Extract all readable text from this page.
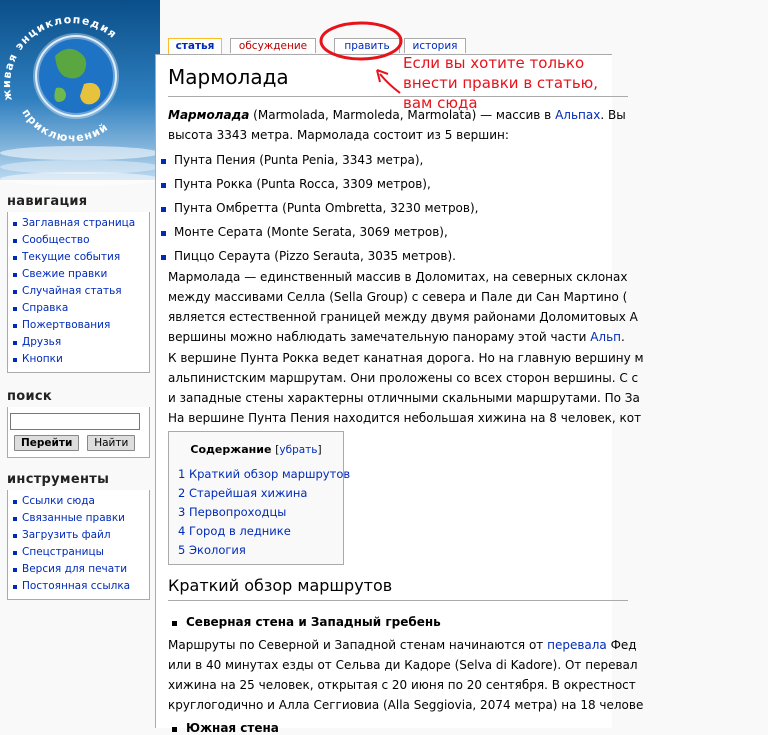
живая энциклопедия
приключений
навигация
Заглавная страница
Сообщество
Текущие события
Свежие правки
Случайная статья
Справка
Пожертвования
Друзья
Кнопки
поиск
Перейти Найти
инструменты
Ссылки сюда
Связанные правки
Загрузить файл
Спецстраницы
Версия для печати
Постоянная ссылка
статья	обсуждение	править	история
Мармолада
Мармолада (Marmolada, Marmoleda, Marmolata) — массив в Альпах. Вы
высота 3343 метра. Мармолада состоит из 5 вершин:
Пунта Пения (Punta Penia, 3343 метра),
Пунта Рокка (Punta Rocca, 3309 метров),
Пунта Омбретта (Punta Ombretta, 3230 метров),
Монте Серата (Monte Serata, 3069 метров),
Пиццо Сераута (Pizzo Serauta, 3035 метров).
Мармолада — единственный массив в Доломитах, на северных склонах
между массивами Селла (Sella Group) с севера и Пале ди Сан Мартино (
является естественной границей между двумя районами Доломитовых А
вершины можно наблюдать замечательную панораму этой части Альп.
К вершине Пунта Рокка ведет канатная дорога. Но на главную вершину м
альпинистским маршрутам. Они проложены со всех сторон вершины. С с
и западные стены характерны отличными скальными маршрутами. По За
На вершине Пунта Пения находится небольшая хижина на 8 человек, кот
Содержание [убрать]
1 Краткий обзор маршрутов
2 Старейшая хижина
3 Первопроходцы
4 Город в леднике
5 Экология
Краткий обзор маршрутов
Северная стена и Западный гребень
Маршруты по Северной и Западной стенам начинаются от перевала Фед
или в 40 минутах езды от Сельва ди Кадоре (Selva di Kadore). От перевал
хижина на 25 человек, открытая с 20 июня по 20 сентября. В окрестност
круглогодично и Алла Сеггиовиа (Alla Seggiovia, 2074 метра) на 18 челове
Южная стена
Если вы хотите только
внести правки в статью,
вам сюда
